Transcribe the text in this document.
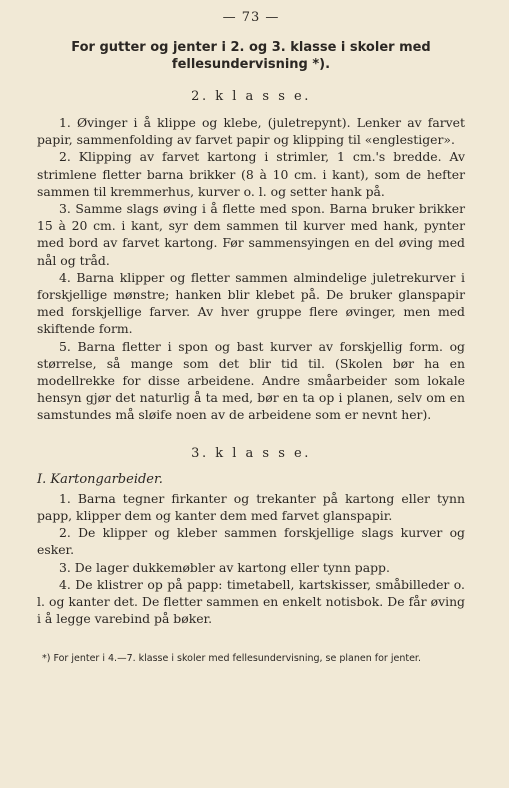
— 73 —
For gutter og jenter i 2. og 3. klasse i skoler med fellesundervisning *).
2. k l a s s e.

1. Øvinger i å klippe og klebe, (juletrepynt). Lenker av farvet papir, sammenfolding av farvet papir og klipping til «englestiger».

2. Klipping av farvet kartong i strimler, 1 cm.'s bredde. Av strimlene fletter barna brikker (8 à 10 cm. i kant), som de hefter sammen til kremmerhus, kurver o. l. og setter hank på.

3. Samme slags øving i å flette med spon. Barna bruker brikker 15 à 20 cm. i kant, syr dem sammen til kurver med hank, pynter med bord av farvet kartong. Før sammensyingen en del øving med nål og tråd.

4. Barna klipper og fletter sammen almindelige juletrekurver i forskjellige mønstre; hanken blir klebet på. De bruker glanspapir med forskjellige farver. Av hver gruppe flere øvinger, men med skiftende form.

5. Barna fletter i spon og bast kurver av forskjellig form. og størrelse, så mange som det blir tid til. (Skolen bør ha en modellrekke for disse arbeidene. Andre småarbeider som lokale hensyn gjør det naturlig å ta med, bør en ta op i planen, selv om en samstundes må sløife noen av de arbeidene som er nevnt her).

3. k l a s s e.

I. Kartongarbeider.

1. Barna tegner firkanter og trekanter på kartong eller tynn papp, klipper dem og kanter dem med farvet glanspapir.

2. De klipper og kleber sammen forskjellige slags kurver og esker.

3. De lager dukkemøbler av kartong eller tynn papp.

4. De klistrer op på papp: timetabell, kartskisser, småbilleder o. l. og kanter det. De fletter sammen en enkelt notisbok. De får øving i å legge varebind på bøker.

*) For jenter i 4.—7. klasse i skoler med fellesundervisning, se planen for jenter.
